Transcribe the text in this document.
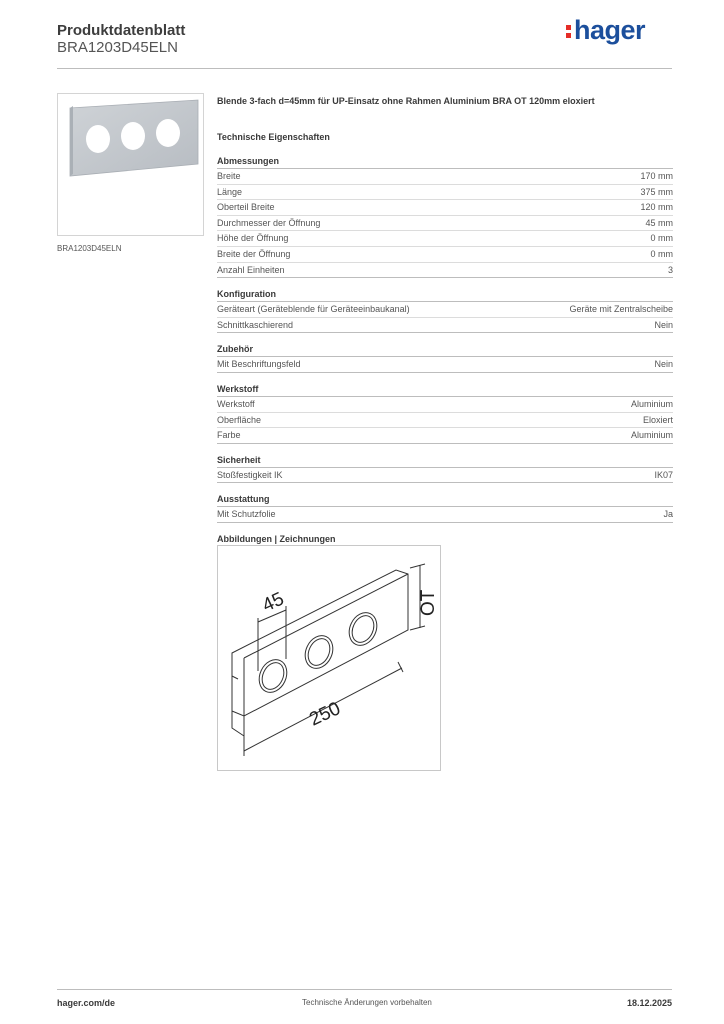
Produktdatenblatt
BRA1203D45ELN
hager
BRA1203D45ELN
Blende 3-fach d=45mm für UP-Einsatz ohne Rahmen Aluminium BRA OT 120mm eloxiert
Technische Eigenschaften
Abmessungen
Breite	170 mm
Länge	375 mm
Oberteil Breite	120 mm
Durchmesser der Öffnung	45 mm
Höhe der Öffnung	0 mm
Breite der Öffnung	0 mm
Anzahl Einheiten	3
Konfiguration
Geräteart (Geräteblende für Geräteeinbaukanal)	Geräte mit Zentralscheibe
Schnittkaschierend	Nein
Zubehör
Mit Beschriftungsfeld	Nein
Werkstoff
Werkstoff	Aluminium
Oberfläche	Eloxiert
Farbe	Aluminium
Sicherheit
Stoßfestigkeit IK	IK07
Ausstattung
Mit Schutzfolie	Ja
Abbildungen | Zeichnungen
45	OT
250
hager.com/de	Technische Änderungen vorbehalten	18.12.2025
